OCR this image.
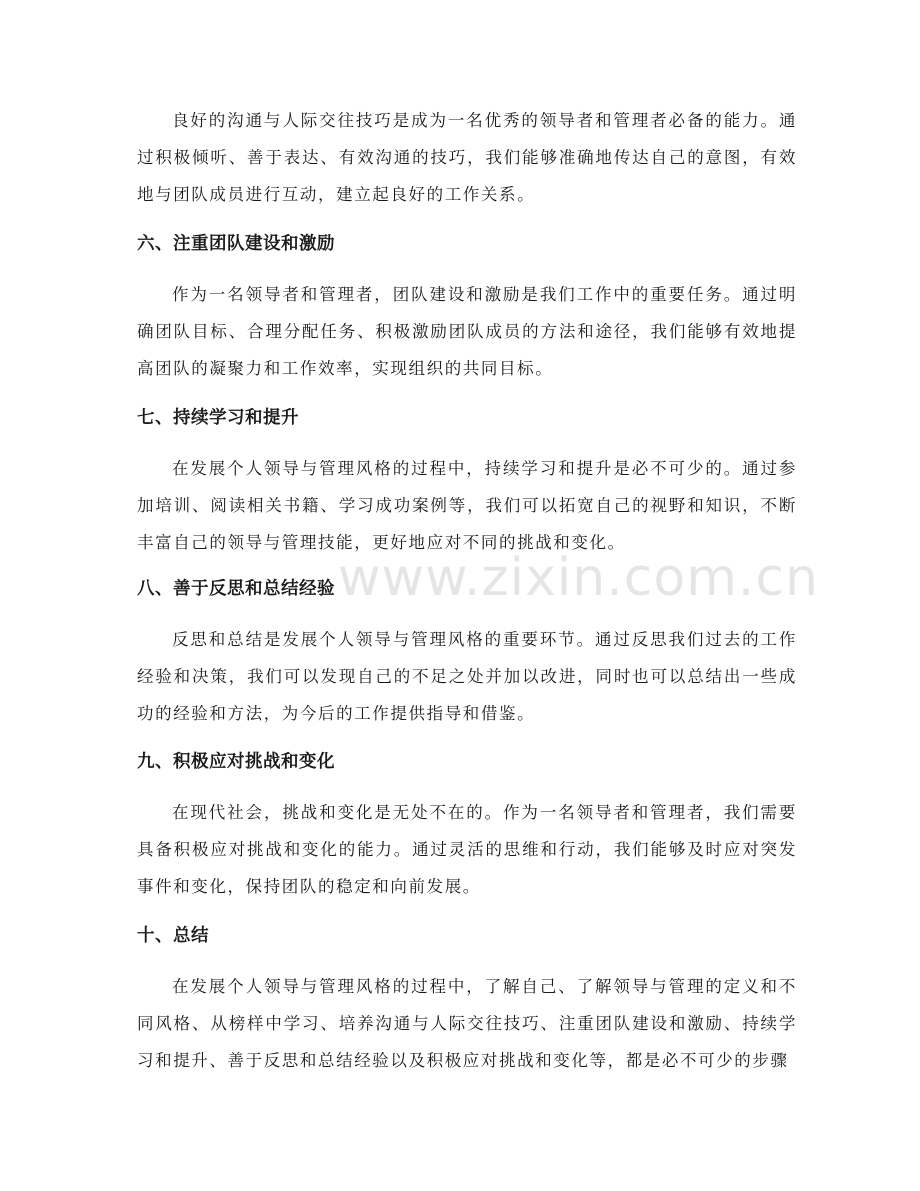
良好的沟通与人际交往技巧是成为一名优秀的领导者和管理者必备的能力。通过积极倾听、善于表达、有效沟通的技巧，我们能够准确地传达自己的意图，有效地与团队成员进行互动，建立起良好的工作关系。

六、注重团队建设和激励

作为一名领导者和管理者，团队建设和激励是我们工作中的重要任务。通过明确团队目标、合理分配任务、积极激励团队成员的方法和途径，我们能够有效地提高团队的凝聚力和工作效率，实现组织的共同目标。

七、持续学习和提升

在发展个人领导与管理风格的过程中，持续学习和提升是必不可少的。通过参加培训、阅读相关书籍、学习成功案例等，我们可以拓宽自己的视野和知识，不断丰富自己的领导与管理技能，更好地应对不同的挑战和变化。

八、善于反思和总结经验

反思和总结是发展个人领导与管理风格的重要环节。通过反思我们过去的工作经验和决策，我们可以发现自己的不足之处并加以改进，同时也可以总结出一些成功的经验和方法，为今后的工作提供指导和借鉴。

九、积极应对挑战和变化

在现代社会，挑战和变化是无处不在的。作为一名领导者和管理者，我们需要具备积极应对挑战和变化的能力。通过灵活的思维和行动，我们能够及时应对突发事件和变化，保持团队的稳定和向前发展。

十、总结

在发展个人领导与管理风格的过程中，了解自己、了解领导与管理的定义和不同风格、从榜样中学习、培养沟通与人际交往技巧、注重团队建设和激励、持续学习和提升、善于反思和总结经验以及积极应对挑战和变化等，都是必不可少的步骤

www.zixin.com.cn
